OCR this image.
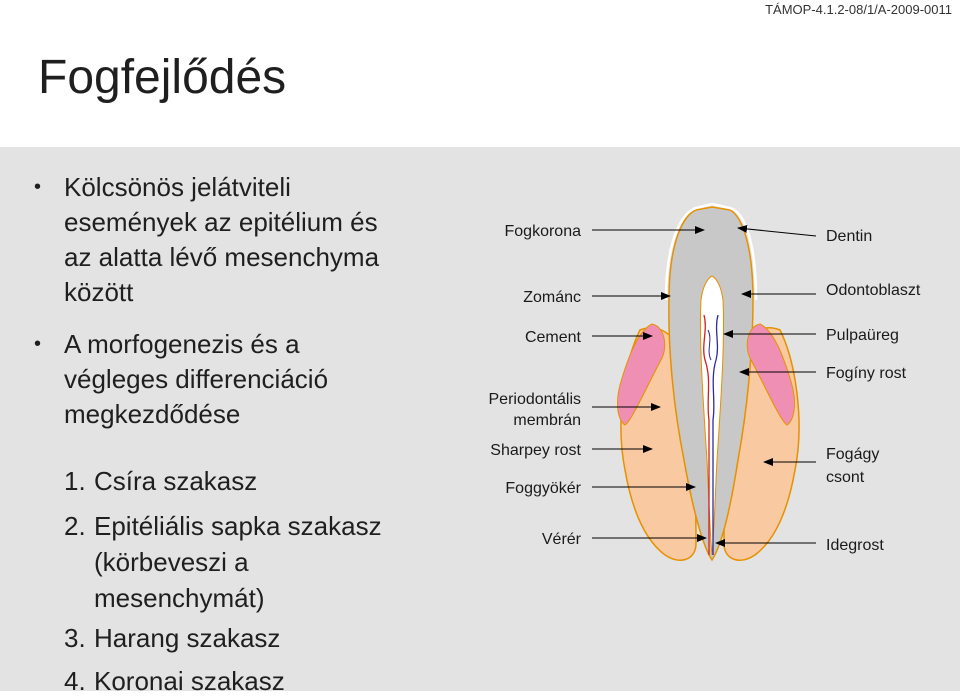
TÁMOP-4.1.2-08/1/A-2009-0011
Fogfejlődés
• Kölcsönös jelátviteli
események az epitélium és
az alatta lévő mesenchyma
között
• A morfogenezis és a
végleges differenciáció
megkezdődése
1. Csíra szakasz
2. Epitéliális sapka szakasz
(körbeveszi a
mesenchymát)
3. Harang szakasz
4. Koronai szakasz
Fogkorona
Zománc
Cement
Periodontális
membrán
Sharpey rost
Foggyökér
Vérér
Dentin
Odontoblaszt
Pulpaüreg
Fogíny rost
Fogágy
csont
Idegrost
